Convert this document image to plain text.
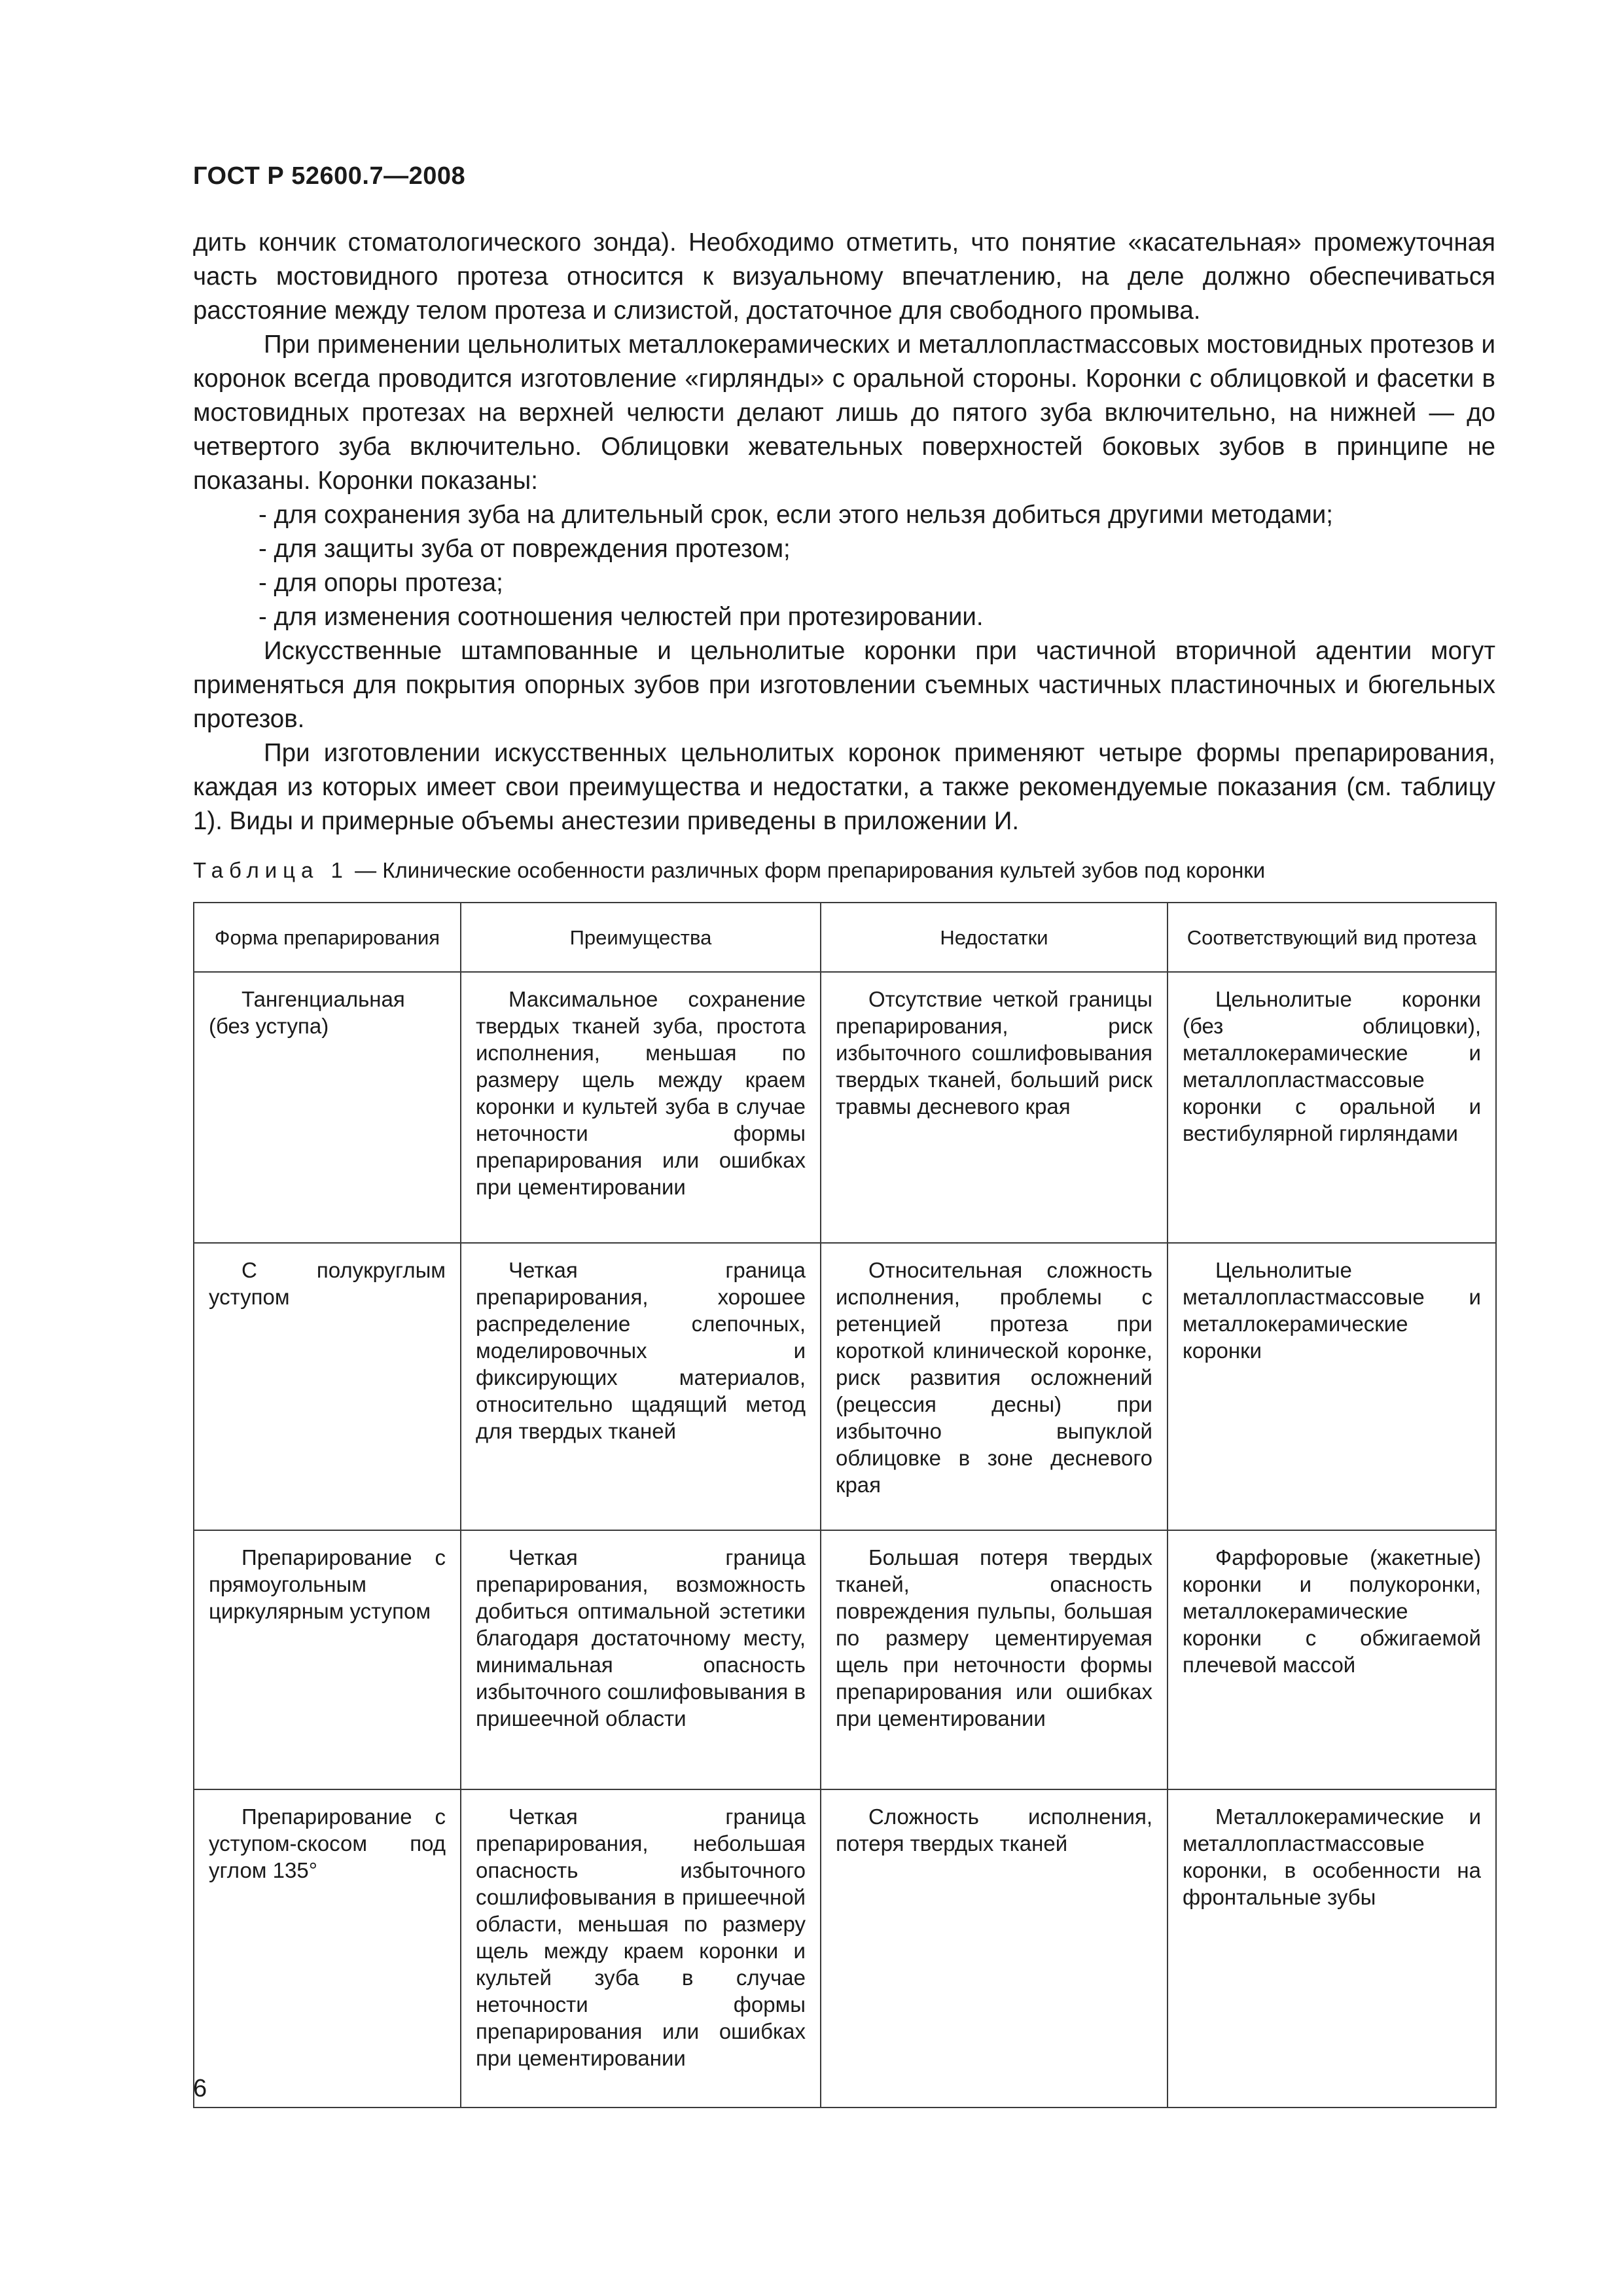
ГОСТ Р 52600.7—2008

дить кончик стоматологического зонда). Необходимо отметить, что понятие «касательная» промежуточная часть мостовидного протеза относится к визуальному впечатлению, на деле должно обеспечиваться расстояние между телом протеза и слизистой, достаточное для свободного промыва.

При применении цельнолитых металлокерамических и металлопластмассовых мостовидных протезов и коронок всегда проводится изготовление «гирлянды» с оральной стороны. Коронки с облицовкой и фасетки в мостовидных протезах на верхней челюсти делают лишь до пятого зуба включительно, на нижней — до четвертого зуба включительно. Облицовки жевательных поверхностей боковых зубов в принципе не показаны. Коронки показаны:

- для сохранения зуба на длительный срок, если этого нельзя добиться другими методами;
- для защиты зуба от повреждения протезом;
- для опоры протеза;
- для изменения соотношения челюстей при протезировании.

Искусственные штампованные и цельнолитые коронки при частичной вторичной адентии могут применяться для покрытия опорных зубов при изготовлении съемных частичных пластиночных и бюгельных протезов.

При изготовлении искусственных цельнолитых коронок применяют четыре формы препарирования, каждая из которых имеет свои преимущества и недостатки, а также рекомендуемые показания (см. таблицу 1). Виды и примерные объемы анестезии приведены в приложении И.

Таблица 1 — Клинические особенности различных форм препарирования культей зубов под коронки
Форма препарирования	Преимущества	Недостатки	Соответствующий вид протеза

Тангенциальная (без уступа)	Максимальное сохранение твердых тканей зуба, простота исполнения, меньшая по размеру щель между краем коронки и культей зуба в случае неточности формы препарирования или ошибках при цементировании	Отсутствие четкой границы препарирования, риск избыточного сошлифовывания твердых тканей, больший риск травмы десневого края	Цельнолитые коронки (без облицовки), металлокерамические и металлопластмассовые коронки с оральной и вестибулярной гирляндами

С полукруглым уступом	Четкая граница препарирования, хорошее распределение слепочных, моделировочных и фиксирующих материалов, относительно щадящий метод для твердых тканей	Относительная сложность исполнения, проблемы с ретенцией протеза при короткой клинической коронке, риск развития осложнений (рецессия десны) при избыточно выпуклой облицовке в зоне десневого края	Цельнолитые металлопластмассовые и металлокерамические коронки

Препарирование с прямоугольным циркулярным уступом	Четкая граница препарирования, возможность добиться оптимальной эстетики благодаря достаточному месту, минимальная опасность избыточного сошлифовывания в пришеечной области	Большая потеря твердых тканей, опасность повреждения пульпы, большая по размеру цементируемая щель при неточности формы препарирования или ошибках при цементировании	Фарфоровые (жакетные) коронки и полукоронки, металлокерамические коронки с обжигаемой плечевой массой

Препарирование с уступом-скосом под углом 135°	Четкая граница препарирования, небольшая опасность избыточного сошлифовывания в пришеечной области, меньшая по размеру щель между краем коронки и культей зуба в случае неточности формы препарирования или ошибках при цементировании	Сложность исполнения, потеря твердых тканей	Металлокерамические и металлопластмассовые коронки, в особенности на фронтальные зубы
6
